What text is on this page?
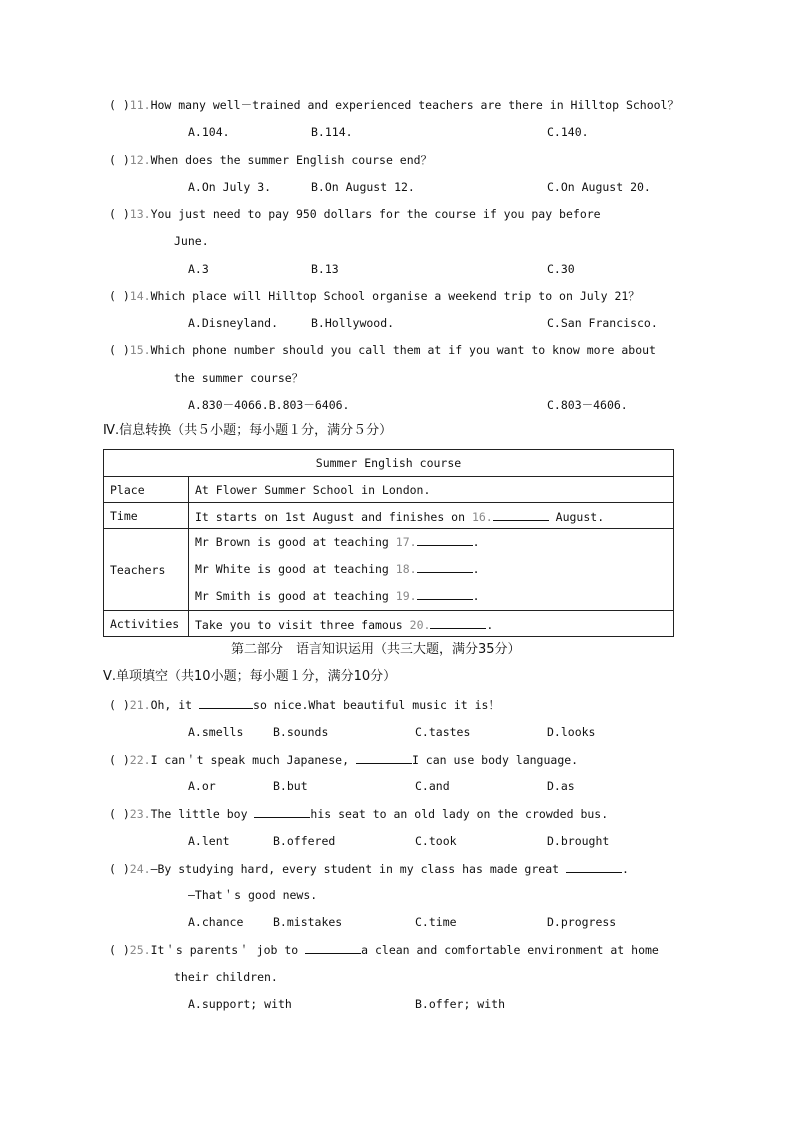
( )11.How many well－trained and experienced teachers are there in Hilltop School？
A.104.	B.114.	C.140.
( )12.When does the summer English course end？
A.On July 3.	B.On August 12.	C.On August 20.
( )13.You just need to pay 950 dollars for the course if you pay before
June.
A.3	B.13	C.30
( )14.Which place will Hilltop School organise a weekend trip to on July 21？
A.Disneyland.	B.Hollywood.	C.San Francisco.
( )15.Which phone number should you call them at if you want to know more about
the summer course？
A.830－4066.B.803－6406.	C.803－4606.
Ⅳ.信息转换（共５小题；每小题１分，满分５分）
Summer English course	
Place	At Flower Summer School in London.
Time	It starts on 1st August and finishes on 16. August.
Teachers	Mr Brown is good at teaching 17. .
Mr White is good at teaching 18. .
Mr Smith is good at teaching 19. .

Activities	Take you to visit three famous 20. .
第二部分　语言知识运用（共三大题，满分35分）
Ⅴ.单项填空（共10小题；每小题１分，满分10分）
( )21.Oh, it	so nice.What beautiful music it is！
A.smells	B.sounds	C.tastes	D.looks
( )22.I can＇t speak much Japanese,	I can use body language.
A.or	B.but	C.and	D.as
( )23.The little boy	his seat to an old lady on the crowded bus.
A.lent	B.offered	C.took	D.brought
( )24.—By studying hard, every student in my class has made great	.
—That＇s good news.
A.chance	B.mistakes	C.time	D.progress
( )25.It＇s parents＇ job to	a clean and comfortable environment at home
their children.
A.support; with	B.offer; with
